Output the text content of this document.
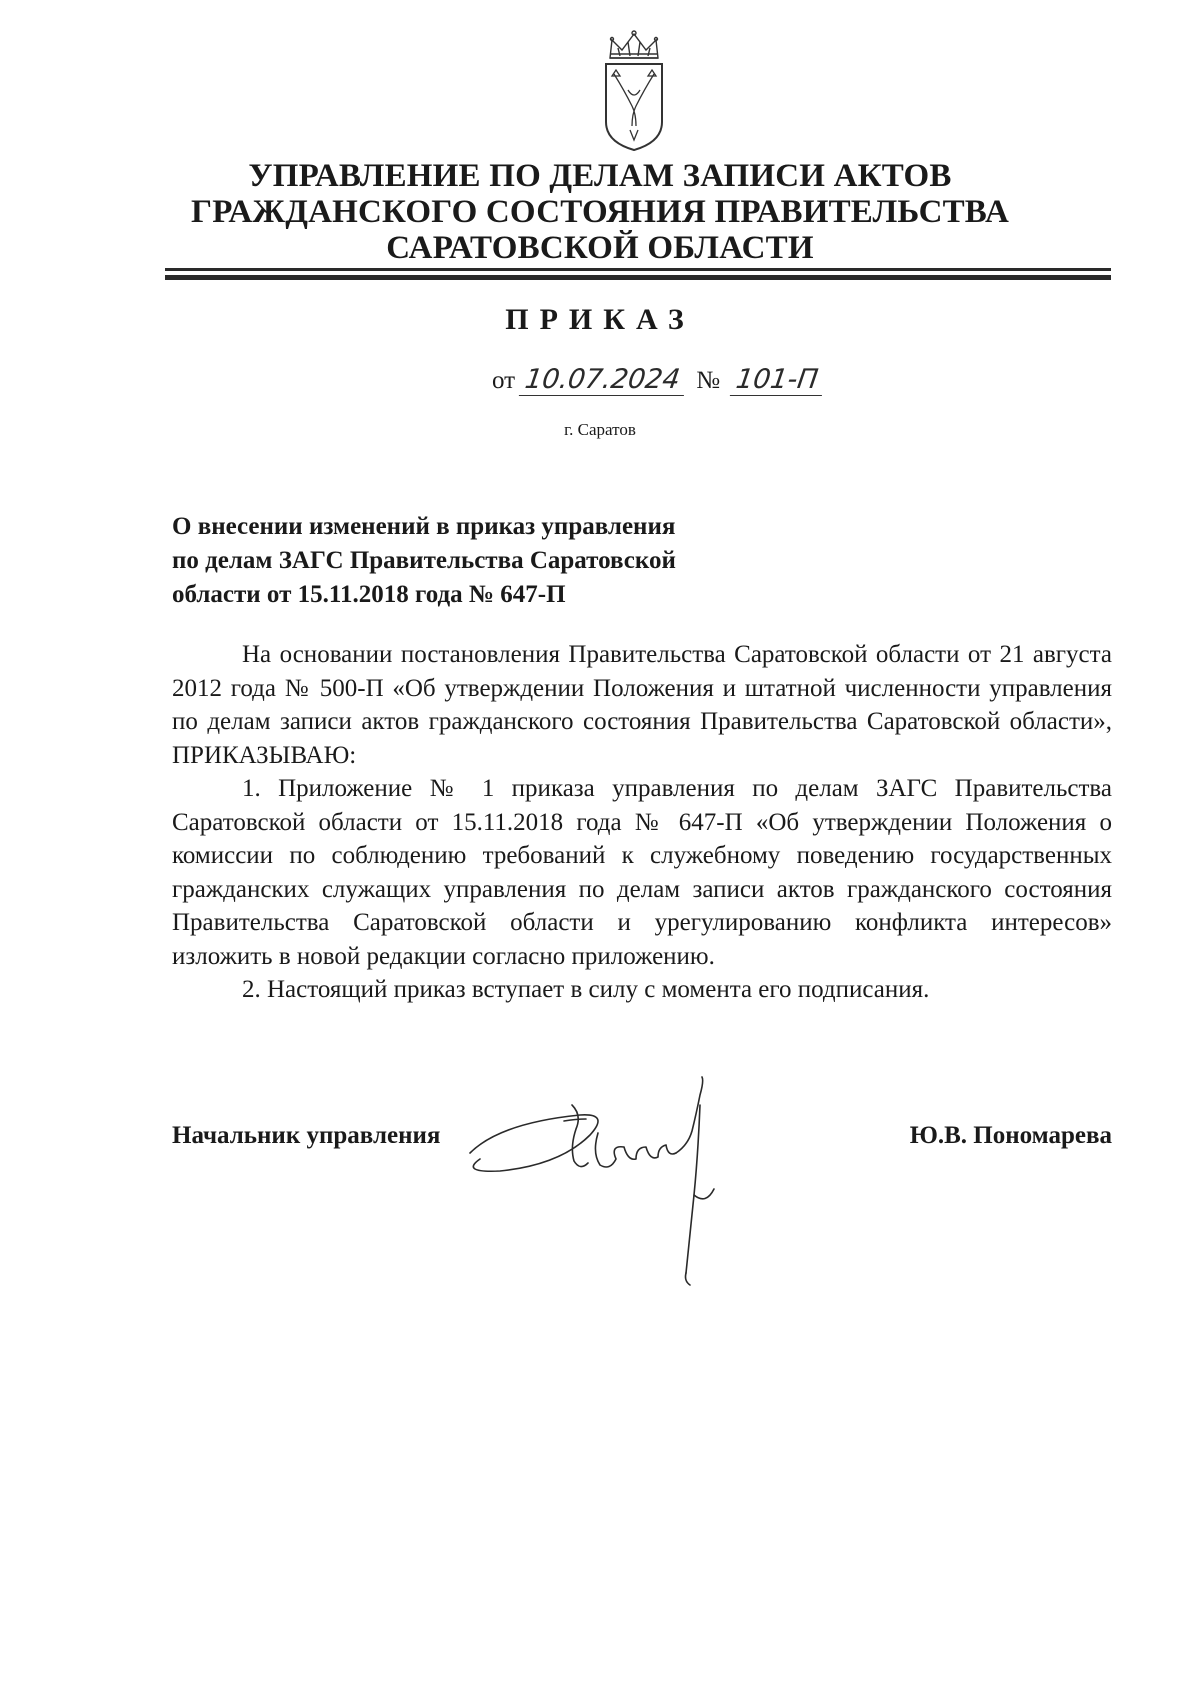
УПРАВЛЕНИЕ ПО ДЕЛАМ ЗАПИСИ АКТОВ
ГРАЖДАНСКОГО СОСТОЯНИЯ ПРАВИТЕЛЬСТВА
САРАТОВСКОЙ ОБЛАСТИ
ПРИКАЗ
от 10.07.2024 № 101-П
г. Саратов
О внесении изменений в приказ управления
по делам ЗАГС Правительства Саратовской
области от 15.11.2018 года № 647-П

На основании постановления Правительства Саратовской области от 21 августа 2012 года № 500-П «Об утверждении Положения и штатной численности управления по делам записи актов гражданского состояния Правительства Саратовской области», ПРИКАЗЫВАЮ:

1. Приложение № 1 приказа управления по делам ЗАГС Правительства Саратовской области от 15.11.2018 года № 647-П «Об утверждении Положения о комиссии по соблюдению требований к служебному поведению государственных гражданских служащих управления по делам записи актов гражданского состояния Правительства Саратовской области и урегулированию конфликта интересов» изложить в новой редакции согласно приложению.

2. Настоящий приказ вступает в силу с момента его подписания.

Начальник управления	Ю.В. Пономарева
